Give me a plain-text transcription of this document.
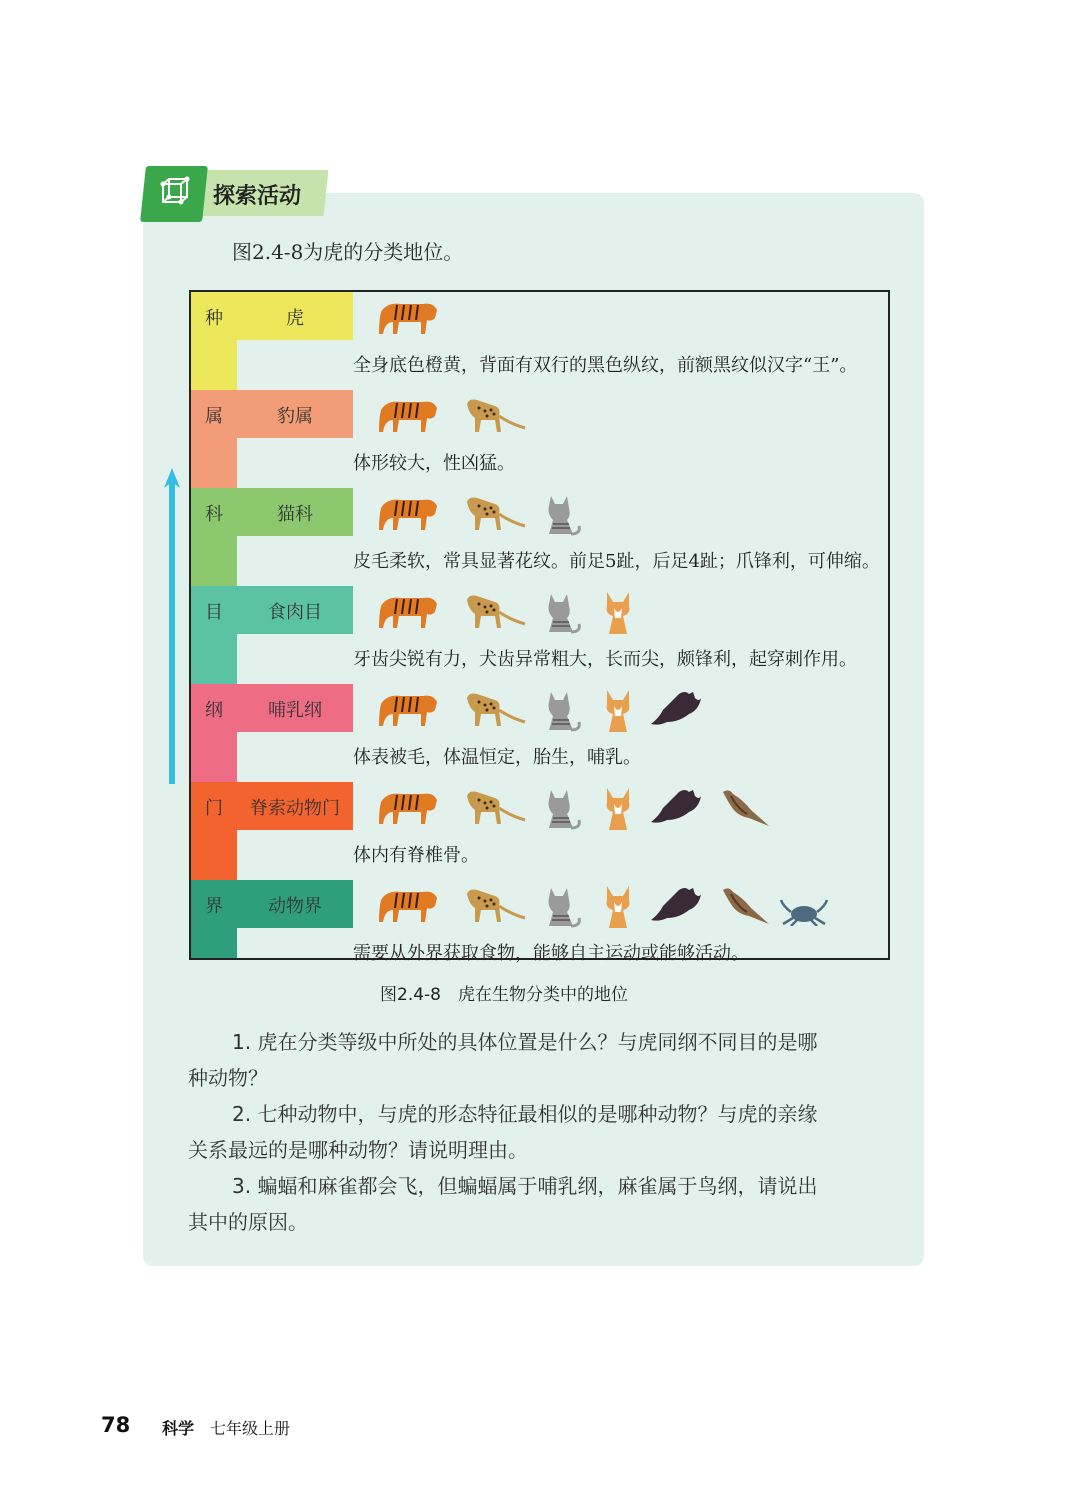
探索活动
图2.4-8为虎的分类地位。
种	虎
全身底色橙黄，背面有双行的黑色纵纹，前额黑纹似汉字“王”。
属	豹属
体形较大，性凶猛。
科	猫科
皮毛柔软，常具显著花纹。前足5趾，后足4趾；爪锋利，可伸缩。
目	食肉目
牙齿尖锐有力，犬齿异常粗大，长而尖，颇锋利，起穿刺作用。
纲	哺乳纲
体表被毛，体温恒定，胎生，哺乳。
门	脊索动物门
体内有脊椎骨。
界	动物界
需要从外界获取食物，能够自主运动或能够活动。
图2.4-8　虎在生物分类中的地位
1. 虎在分类等级中所处的具体位置是什么？与虎同纲不同目的是哪
种动物？
2. 七种动物中，与虎的形态特征最相似的是哪种动物？与虎的亲缘
关系最远的是哪种动物？请说明理由。
3. 蝙蝠和麻雀都会飞，但蝙蝠属于哺乳纲，麻雀属于鸟纲，请说出
其中的原因。
78 科学 七年级上册
